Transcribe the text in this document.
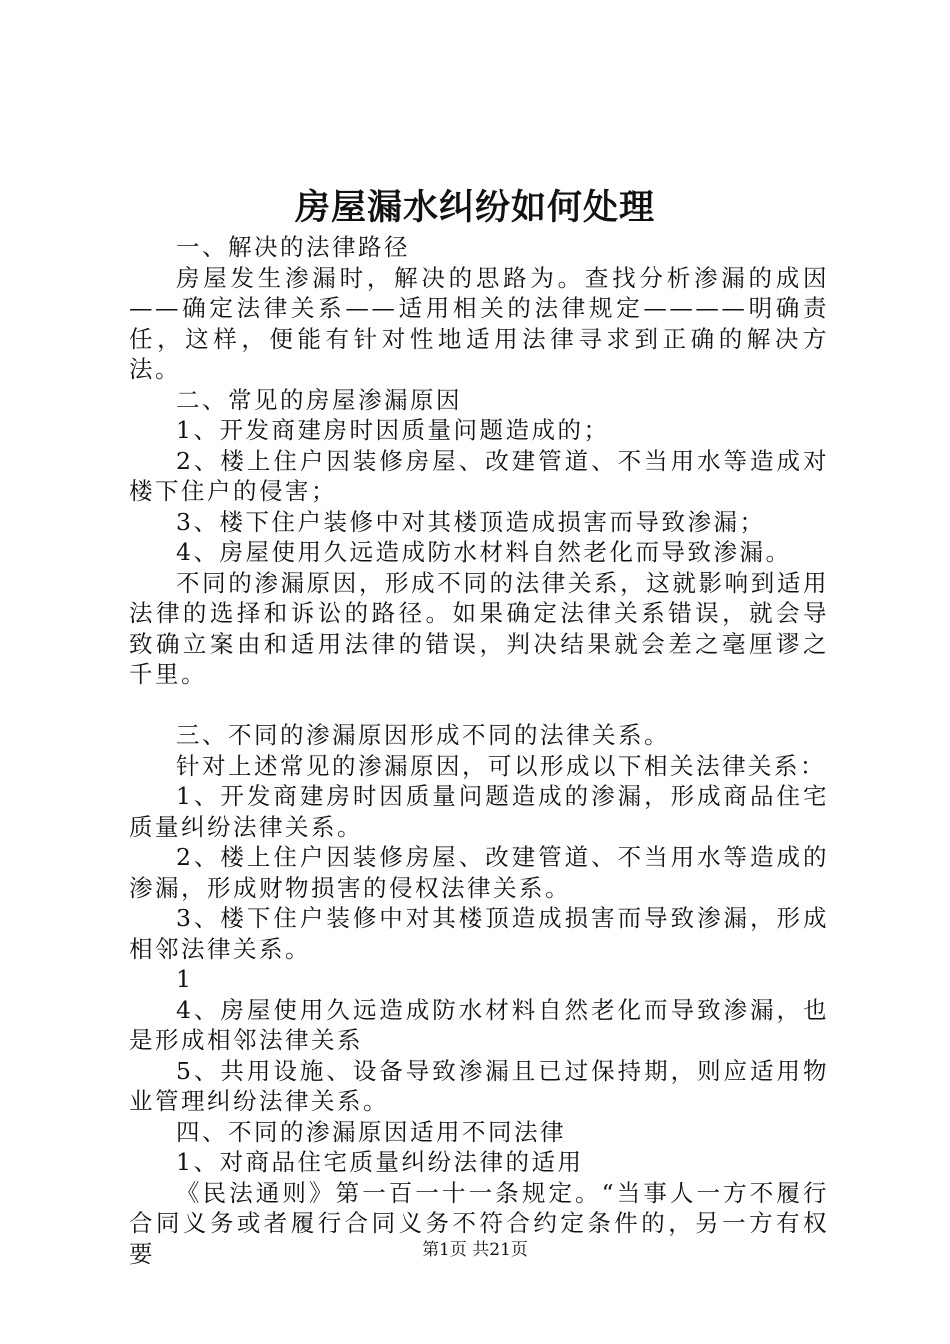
房屋漏水纠纷如何处理

一、解决的法律路径

房屋发生渗漏时，解决的思路为。查找分析渗漏的成因——确定法律关系——适用相关的法律规定————明确责任，这样，便能有针对性地适用法律寻求到正确的解决方法。

二、常见的房屋渗漏原因

1、开发商建房时因质量问题造成的；

2、楼上住户因装修房屋、改建管道、不当用水等造成对楼下住户的侵害；

3、楼下住户装修中对其楼顶造成损害而导致渗漏；

4、房屋使用久远造成防水材料自然老化而导致渗漏。

不同的渗漏原因，形成不同的法律关系，这就影响到适用法律的选择和诉讼的路径。如果确定法律关系错误，就会导致确立案由和适用法律的错误，判决结果就会差之毫厘谬之千里。

三、不同的渗漏原因形成不同的法律关系。

针对上述常见的渗漏原因，可以形成以下相关法律关系：

1、开发商建房时因质量问题造成的渗漏，形成商品住宅质量纠纷法律关系。

2、楼上住户因装修房屋、改建管道、不当用水等造成的渗漏，形成财物损害的侵权法律关系。

3、楼下住户装修中对其楼顶造成损害而导致渗漏，形成相邻法律关系。

1

4、房屋使用久远造成防水材料自然老化而导致渗漏，也是形成相邻法律关系

5、共用设施、设备导致渗漏且已过保持期，则应适用物业管理纠纷法律关系。

四、不同的渗漏原因适用不同法律

1、对商品住宅质量纠纷法律的适用

《民法通则》第一百一十一条规定。“当事人一方不履行合同义务或者履行合同义务不符合约定条件的，另一方有权要	第1页 共21页
